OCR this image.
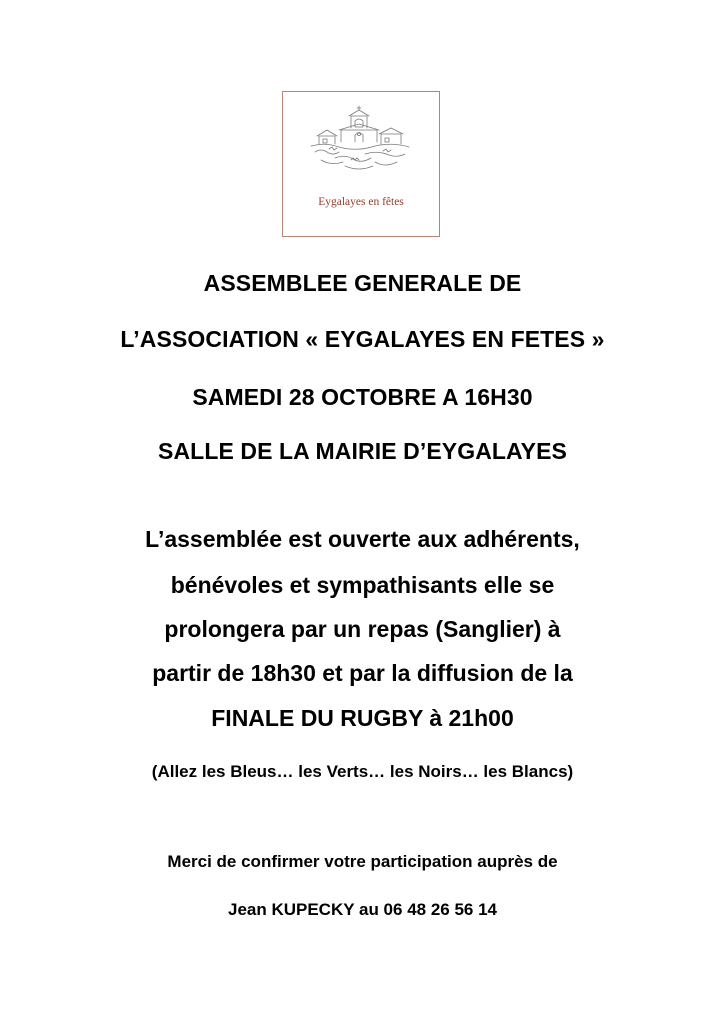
Eygalayes en fêtes
ASSEMBLEE GENERALE DE
L’ASSOCIATION « EYGALAYES EN FETES »
SAMEDI 28 OCTOBRE A 16H30
SALLE DE LA MAIRIE D’EYGALAYES
L’assemblée est ouverte aux adhérents,
bénévoles et sympathisants elle se
prolongera par un repas (Sanglier) à
partir de 18h30 et par la diffusion de la
FINALE DU RUGBY à 21h00
(Allez les Bleus… les Verts… les Noirs… les Blancs)
Merci de confirmer votre participation auprès de
Jean KUPECKY au 06 48 26 56 14
